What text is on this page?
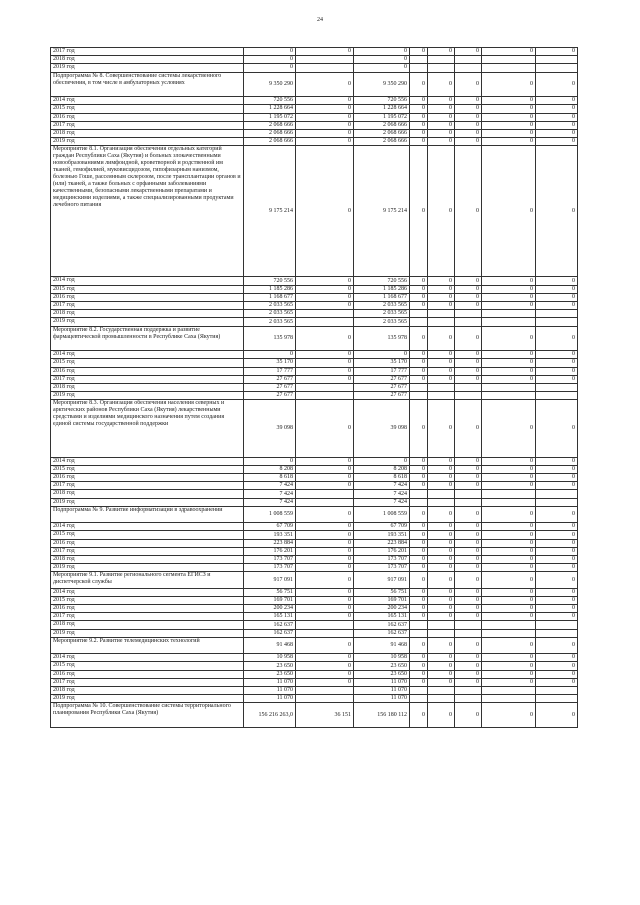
24
2017 год	0	0	0	0	0	0	0	0
2018 год	0		0					
2019 год	0		0					
Подпрограмма № 8. Совершенствование системы лекарственного обеспечения, в том числе в амбулаторных условиях	9 350 290	0	9 350 290	0	0	0	0	0
2014 год	720 556	0	720 556	0	0	0	0	0
2015 год	1 228 664	0	1 228 664	0	0	0	0	0
2016 год	1 195 072	0	1 195 072	0	0	0	0	0
2017 год	2 068 666	0	2 068 666	0	0	0	0	0
2018 год	2 068 666	0	2 068 666	0	0	0	0	0
2019 год	2 068 666	0	2 068 666	0	0	0	0	0
Мероприятие 8.1. Организация обеспечения отдельных категорий граждан Республики Саха (Якутия) и больных злокачественными новообразованиями лимфоидной, кроветворной и родственной им тканей, гемофилией, муковисцидозом, гипофизарным нанизмом, болезнью Гоше, рассеянным склерозом, после трансплантации органов и (или) тканей, а также больных с орфанными заболеваниями качественными, безопасными лекарственными препаратами и медицинскими изделиями, а также специализированными продуктами лечебного питания	9 175 214	0	9 175 214	0	0	0	0	0
2014 год	720 556	0	720 556	0	0	0	0	0
2015 год	1 185 286	0	1 185 286	0	0	0	0	0
2016 год	1 168 677	0	1 168 677	0	0	0	0	0
2017 год	2 033 565	0	2 033 565	0	0	0	0	0
2018 год	2 033 565		2 033 565					
2019 год	2 033 565		2 033 565					
Мероприятие 8.2. Государственная поддержка и развитие фармацевтической промышленности в Республике Саха (Якутия)	135 978	0	135 978	0	0	0	0	0
2014 год	0	0	0	0	0	0	0	0
2015 год	35 170	0	35 170	0	0	0	0	0
2016 год	17 777	0	17 777	0	0	0	0	0
2017 год	27 677	0	27 677	0	0	0	0	0
2018 год	27 677		27 677					
2019 год	27 677		27 677					
Мероприятие 8.3. Организация обеспечения населения северных и арктических районов Республики Саха (Якутия) лекарственными средствами и изделиями медицинского назначения путем создания единой системы государственной поддержки	39 098	0	39 098	0	0	0	0	0
2014 год	0	0	0	0	0	0	0	0
2015 год	8 208	0	8 208	0	0	0	0	0
2016 год	8 618	0	8 618	0	0	0	0	0
2017 год	7 424	0	7 424	0	0	0	0	0
2018 год	7 424		7 424					
2019 год	7 424		7 424					
Подпрограмма № 9. Развитие информатизации в здравоохранении	1 008 559	0	1 008 559	0	0	0	0	0
2014 год	67 709	0	67 709	0	0	0	0	0
2015 год	193 351	0	193 351	0	0	0	0	0
2016 год	223 884	0	223 884	0	0	0	0	0
2017 год	176 201	0	176 201	0	0	0	0	0
2018 год	173 707	0	173 707	0	0	0	0	0
2019 год	173 707	0	173 707	0	0	0	0	0
Мероприятие 9.1. Развитие регионального сегмента ЕГИСЗ и диспетчерской службы	917 091	0	917 091	0	0	0	0	0
2014 год	56 751	0	56 751	0	0	0	0	0
2015 год	169 701	0	169 701	0	0	0	0	0
2016 год	200 234	0	200 234	0	0	0	0	0
2017 год	165 131	0	165 131	0	0	0	0	0
2018 год	162 637		162 637					
2019 год	162 637		162 637					
Мероприятие 9.2. Развитие телемедицинских технологий	91 468	0	91 468	0	0	0	0	0
2014 год	10 958	0	10 958	0	0	0	0	0
2015 год	23 650	0	23 650	0	0	0	0	0
2016 год	23 650	0	23 650	0	0	0	0	0
2017 год	11 070	0	11 070	0	0	0	0	0
2018 год	11 070		11 070					
2019 год	11 070		11 070					
Подпрограмма № 10. Совершенствование системы территориального планирования Республики Саха (Якутия)	156 216 263,0	36 151	156 180 112	0	0	0	0	0
